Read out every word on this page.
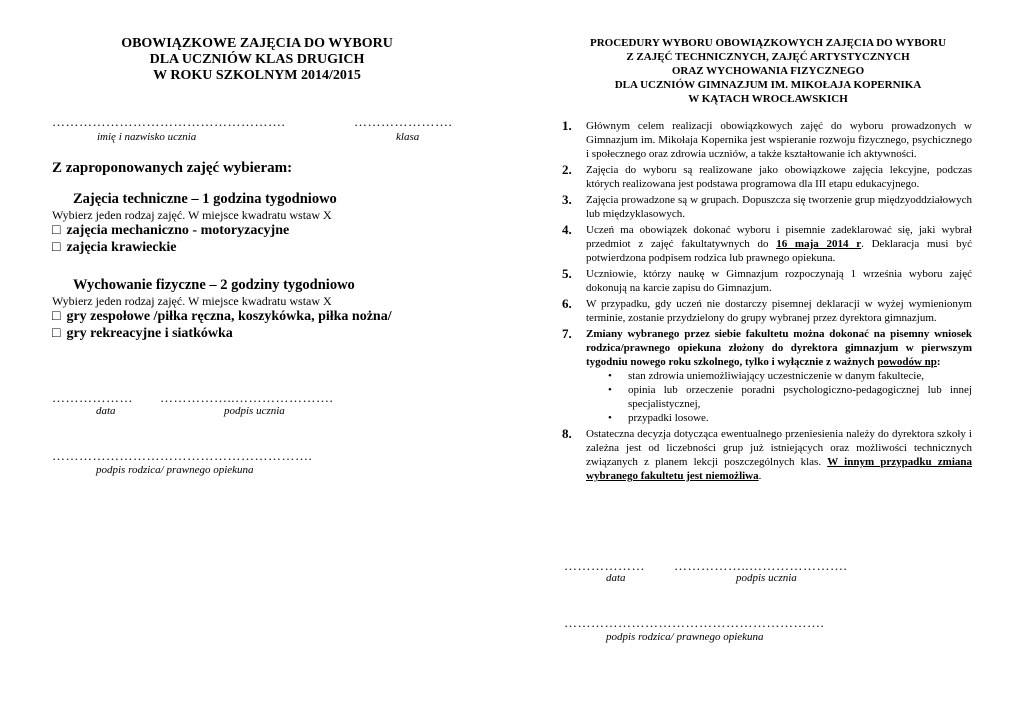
OBOWIĄZKOWE ZAJĘCIA DO WYBORU
DLA UCZNIÓW KLAS DRUGICH
W ROKU SZKOLNYM 2014/2015
…………………………………………….	………………….
imię i nazwisko ucznia	klasa
Z zaproponowanych zajęć wybieram:
Zajęcia techniczne – 1 godzina tygodniowo
Wybierz jeden rodzaj zajęć. W miejsce kwadratu wstaw X
□ zajęcia mechaniczno - motoryzacyjne
□ zajęcia krawieckie
Wychowanie fizyczne – 2 godziny tygodniowo
Wybierz jeden rodzaj zajęć. W miejsce kwadratu wstaw X
□ gry zespołowe /piłka ręczna, koszykówka, piłka nożna/
□ gry rekreacyjne i siatkówka
……………… ……………..………………….
data	podpis ucznia
………………………………………………….
podpis rodzica/ prawnego opiekuna
PROCEDURY WYBORU OBOWIĄZKOWYCH ZAJĘCIA DO WYBORU
Z ZAJĘĆ TECHNICZNYCH, ZAJĘĆ ARTYSTYCZNYCH
ORAZ WYCHOWANIA FIZYCZNEGO
DLA UCZNIÓW GIMNAZJUM IM. MIKOŁAJA KOPERNIKA
W KĄTACH WROCŁAWSKICH
1. Głównym celem realizacji obowiązkowych zajęć do wyboru prowadzonych w Gimnazjum im. Mikołaja Kopernika jest wspieranie rozwoju fizycznego, psychicznego i społecznego oraz zdrowia uczniów, a także kształtowanie ich aktywności.
2. Zajęcia do wyboru są realizowane jako obowiązkowe zajęcia lekcyjne, podczas których realizowana jest podstawa programowa dla III etapu edukacyjnego.
3. Zajęcia prowadzone są w grupach. Dopuszcza się tworzenie grup międzyoddziałowych lub międzyklasowych.
4. Uczeń ma obowiązek dokonać wyboru i pisemnie zadeklarować się, jaki wybrał przedmiot z zajęć fakultatywnych do 16 maja 2014 r. Deklaracja musi być potwierdzona podpisem rodzica lub prawnego opiekuna.
5. Uczniowie, którzy naukę w Gimnazjum rozpoczynają 1 września wyboru zajęć dokonują na karcie zapisu do Gimnazjum.
6. W przypadku, gdy uczeń nie dostarczy pisemnej deklaracji w wyżej wymienionym terminie, zostanie przydzielony do grupy wybranej przez dyrektora gimnazjum.
7. Zmiany wybranego przez siebie fakultetu można dokonać na pisemny wniosek rodzica/prawnego opiekuna złożony do dyrektora gimnazjum w pierwszym tygodniu nowego roku szkolnego, tylko i wyłącznie z ważnych powodów np:
• stan zdrowia uniemożliwiający uczestniczenie w danym fakultecie,
• opinia lub orzeczenie poradni psychologiczno-pedagogicznej lub innej specjalistycznej,
• przypadki losowe.
8. Ostateczna decyzja dotycząca ewentualnego przeniesienia należy do dyrektora szkoły i zależna jest od liczebności grup już istniejących oraz możliwości technicznych związanych z planem lekcji poszczególnych klas. W innym przypadku zmiana wybranego fakultetu jest niemożliwa.
……………… ……………..………………….
data	podpis ucznia
………………………………………………….
podpis rodzica/ prawnego opiekuna
